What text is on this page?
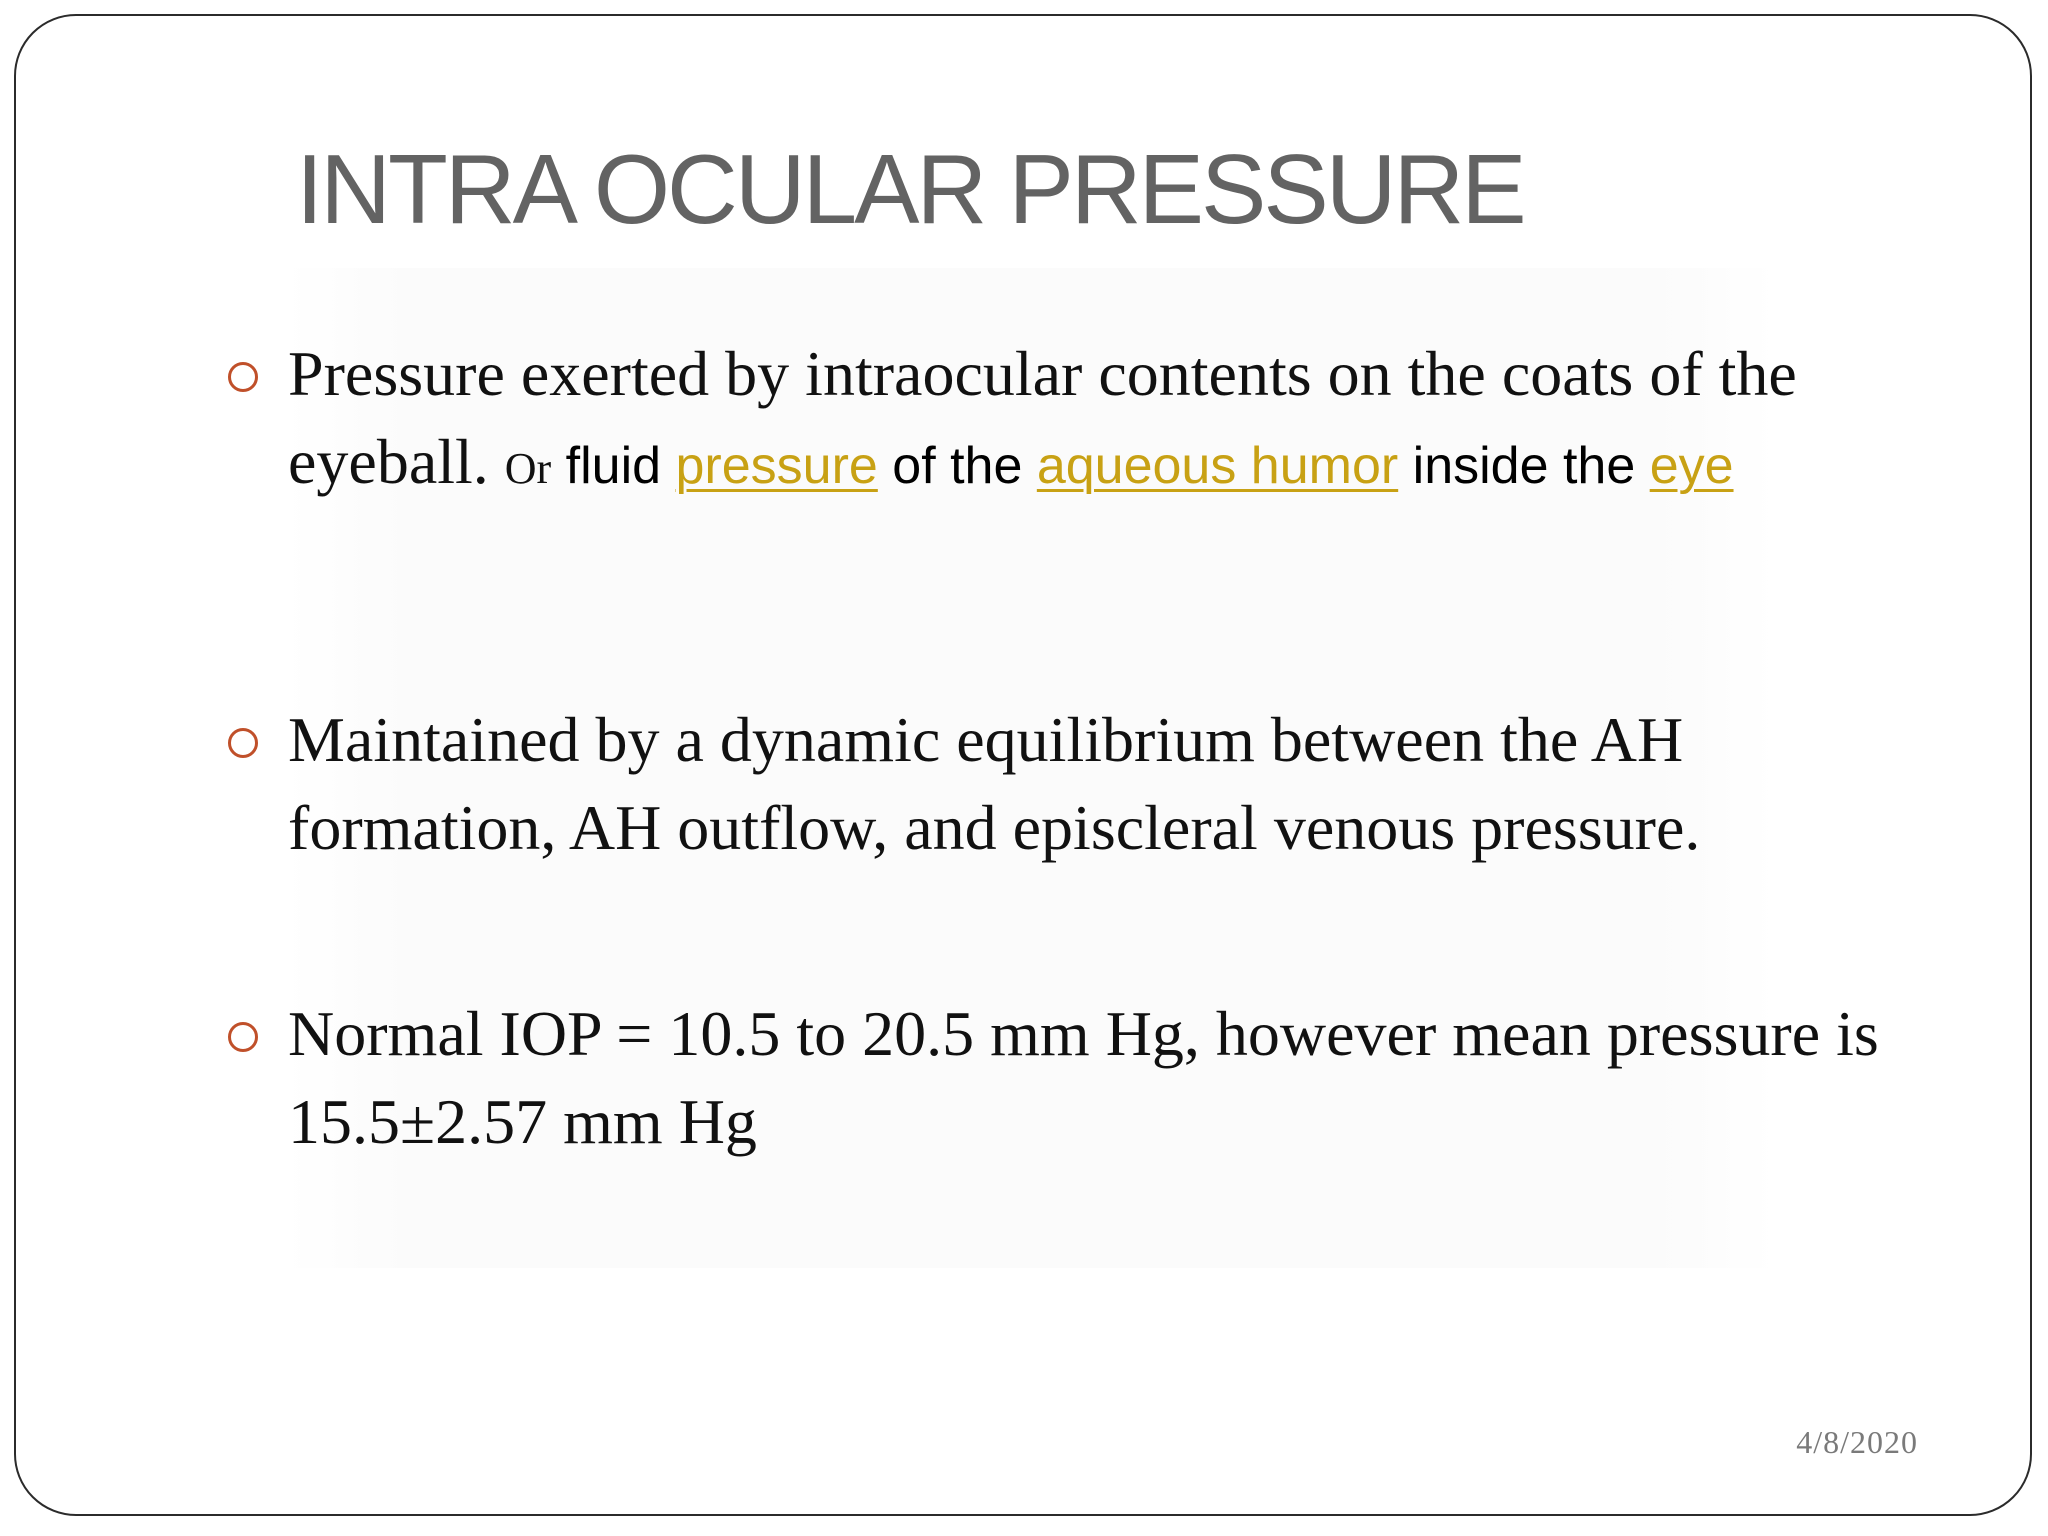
INTRA OCULAR PRESSURE
Pressure exerted by intraocular contents on the coats of the eyeball. Or fluid pressure of the aqueous humor inside the eye
Maintained by a dynamic equilibrium between the AH formation, AH outflow, and episcleral venous pressure.
Normal IOP = 10.5 to 20.5 mm Hg, however mean pressure is 15.5±2.57 mm Hg
4/8/2020
